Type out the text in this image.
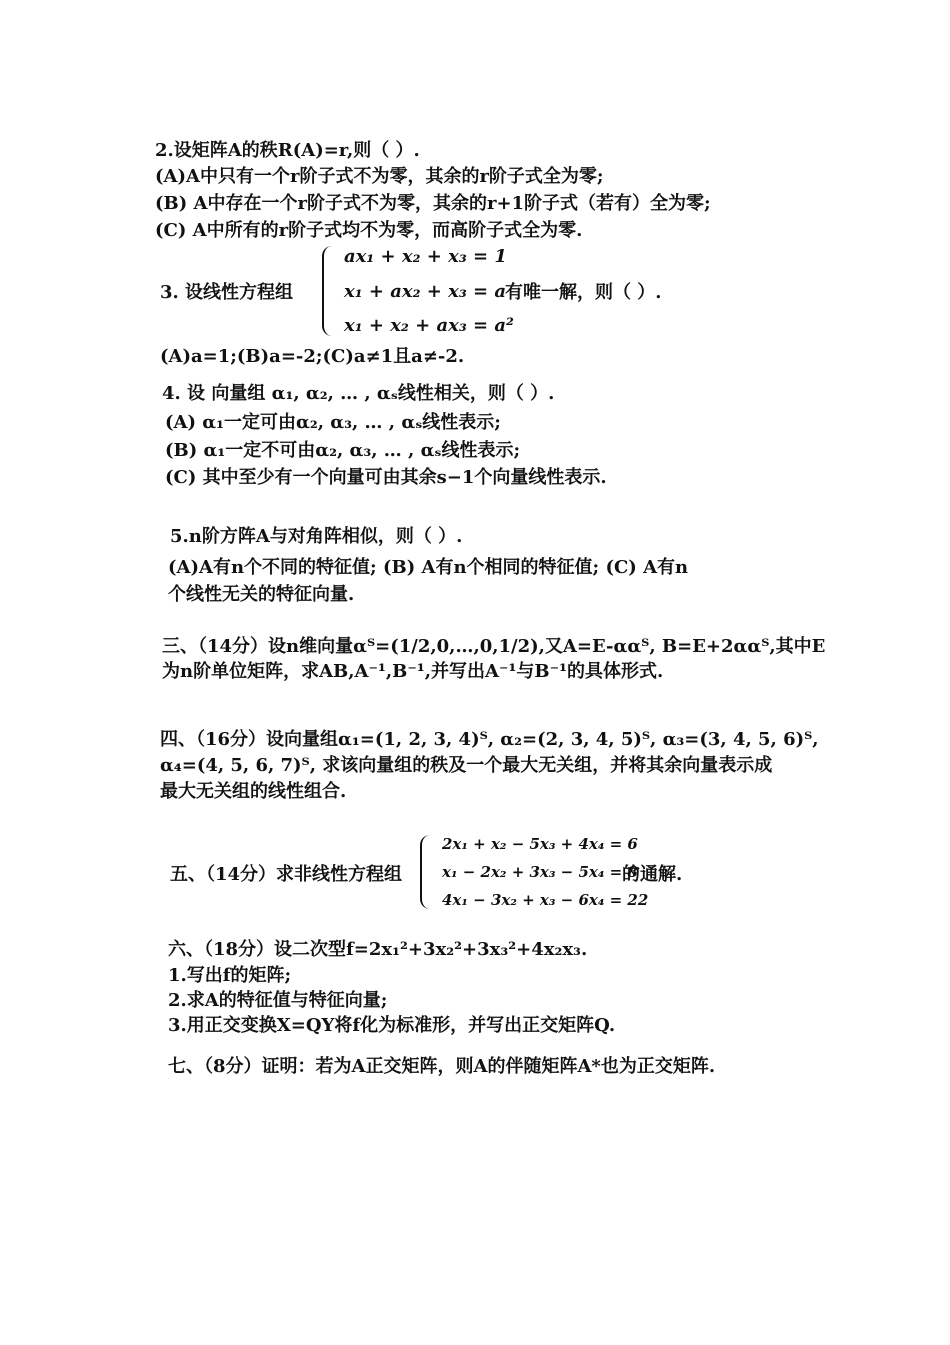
2.设矩阵A的秩R(A)=r,则（ ）.
(A)A中只有一个r阶子式不为零，其余的r阶子式全为零;
(B) A中存在一个r阶子式不为零，其余的r+1阶子式（若有）全为零;
(C) A中所有的r阶子式均不为零，而高阶子式全为零.
3. 设线性方程组
ax₁ + x₂ + x₃ = 1
x₁ + ax₂ + x₃ = a
x₁ + x₂ + ax₃ = a²
有唯一解，则（ ）.
(A)a=1;(B)a=-2;(C)a≠1且a≠-2.
4. 设 向量组 α₁, α₂, … , αₛ线性相关，则（ ）.
(A) α₁一定可由α₂, α₃, … , αₛ线性表示;
(B) α₁一定不可由α₂, α₃, … , αₛ线性表示;
(C) 其中至少有一个向量可由其余s−1个向量线性表示.
5.n阶方阵A与对角阵相似，则（ ）.
(A)A有n个不同的特征值; (B) A有n个相同的特征值; (C) A有n
个线性无关的特征向量.
三、（14分）设n维向量αᵀ=(1/2,0,…,0,1/2),又A=E-ααᵀ, B=E+2ααᵀ,其中E
为n阶单位矩阵，求AB,A⁻¹,B⁻¹,并写出A⁻¹与B⁻¹的具体形式.
四、（16分）设向量组α₁=(1, 2, 3, 4)ᵀ, α₂=(2, 3, 4, 5)ᵀ, α₃=(3, 4, 5, 6)ᵀ,
α₄=(4, 5, 6, 7)ᵀ, 求该向量组的秩及一个最大无关组，并将其余向量表示成
最大无关组的线性组合.
五、（14分）求非线性方程组
2x₁ + x₂ − 5x₃ + 4x₄ = 6
x₁ − 2x₂ + 3x₃ − 5x₄ = 8
4x₁ − 3x₂ + x₃ − 6x₄ = 22
的通解.
六、（18分）设二次型f=2x₁²+3x₂²+3x₃²+4x₂x₃.
1.写出f的矩阵;
2.求A的特征值与特征向量;
3.用正交变换X=QY将f化为标准形，并写出正交矩阵Q.
七、（8分）证明：若为A正交矩阵，则A的伴随矩阵A*也为正交矩阵.
